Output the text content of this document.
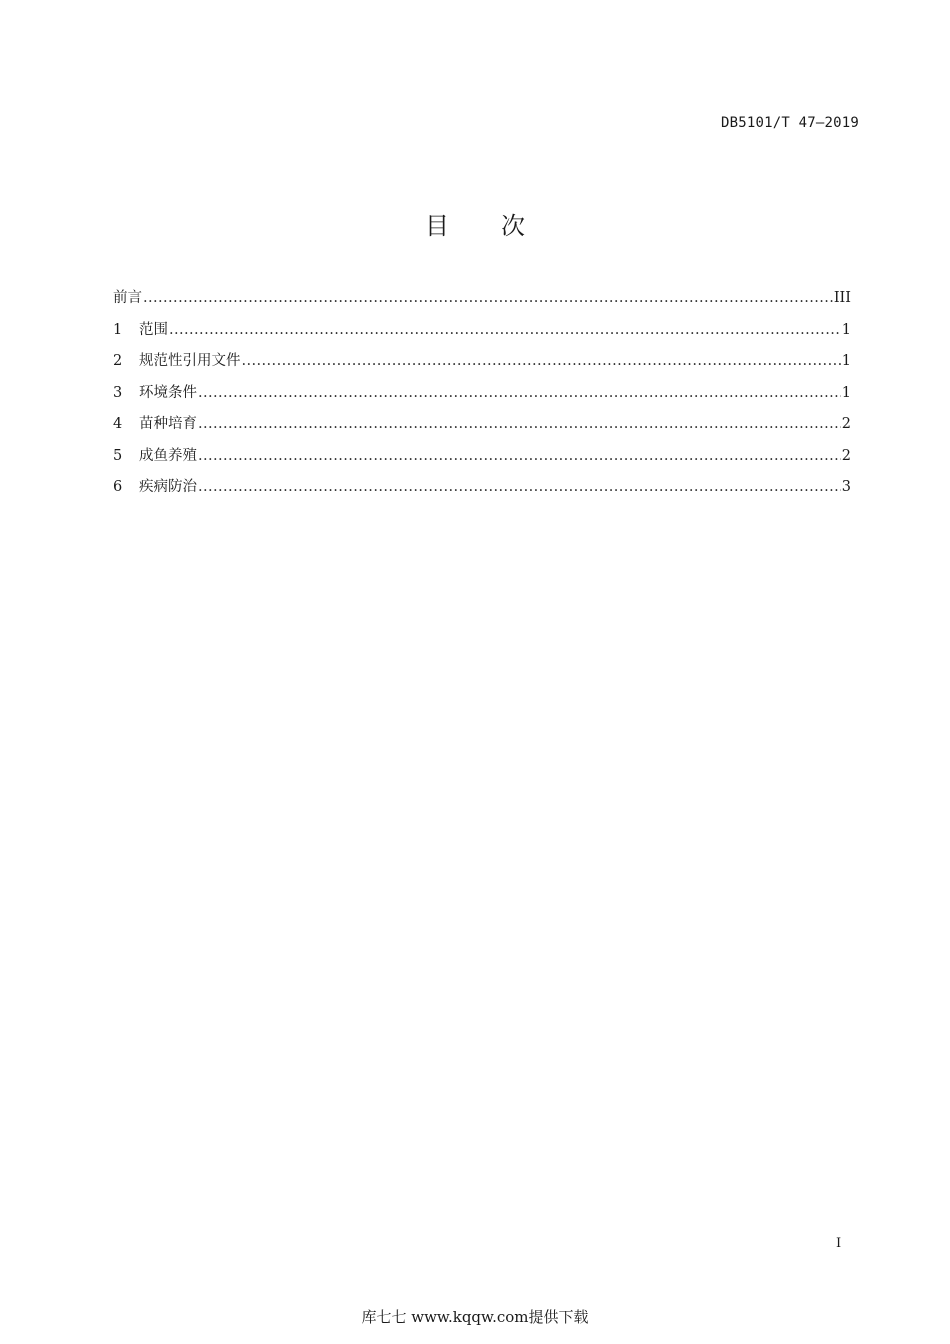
DB5101/T 47—2019
目 次
前言 .....	III
1	范围 .....	1
2	规范性引用文件 .....	1
3	环境条件 .....	1
4	苗种培育 .....	2
5	成鱼养殖 .....	2
6	疾病防治 .....	3
I
库七七 www.kqqw.com提供下载
